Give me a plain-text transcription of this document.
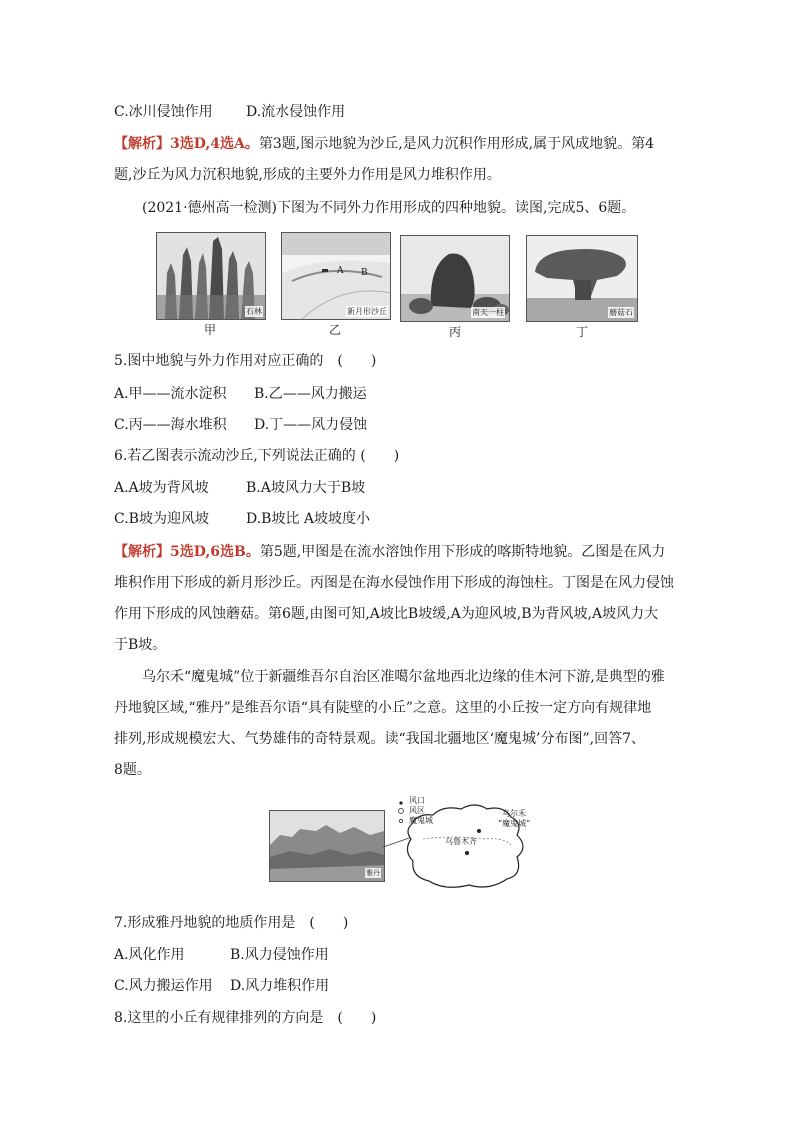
C.冰川侵蚀作用 D.流水侵蚀作用
【解析】3选D,4选A。第3题,图示地貌为沙丘,是风力沉积作用形成,属于风成地貌。第4
题,沙丘为风力沉积地貌,形成的主要外力作用是风力堆积作用。
(2021·德州高一检测)下图为不同外力作用形成的四种地貌。读图,完成5、6题。
石林
甲
A B
新月形沙丘
乙
南天一柱
丙
蘑菇石
丁
5.图中地貌与外力作用对应正确的　(　　)
A.甲——流水淀积 B.乙——风力搬运
C.丙——海水堆积 D.丁——风力侵蚀
6.若乙图表示流动沙丘,下列说法正确的 (　　)
A.A坡为背风坡	B.A坡风力大于B坡
C.B坡为迎风坡	D.B坡比 A坡坡度小
【解析】5选D,6选B。第5题,甲图是在流水溶蚀作用下形成的喀斯特地貌。乙图是在风力
堆积作用下形成的新月形沙丘。丙图是在海水侵蚀作用下形成的海蚀柱。丁图是在风力侵蚀
作用下形成的风蚀蘑菇。第6题,由图可知,A坡比B坡缓,A为迎风坡,B为背风坡,A坡风力大
于B坡。
乌尔禾“魔鬼城”位于新疆维吾尔自治区准噶尔盆地西北边缘的佳木河下游,是典型的雅
丹地貌区域,“雅丹”是维吾尔语“具有陡壁的小丘”之意。这里的小丘按一定方向有规律地
排列,形成规模宏大、气势雄伟的奇特景观。读“我国北疆地区‘魔鬼城’分布图”,回答7、
8题。
雅丹
风口
风区
魔鬼城
乌尔禾
“魔鬼城”
乌鲁木齐
7.形成雅丹地貌的地质作用是　(　　)
A.风化作用	B.风力侵蚀作用
C.风力搬运作用 D.风力堆积作用
8.这里的小丘有规律排列的方向是　(　　)
